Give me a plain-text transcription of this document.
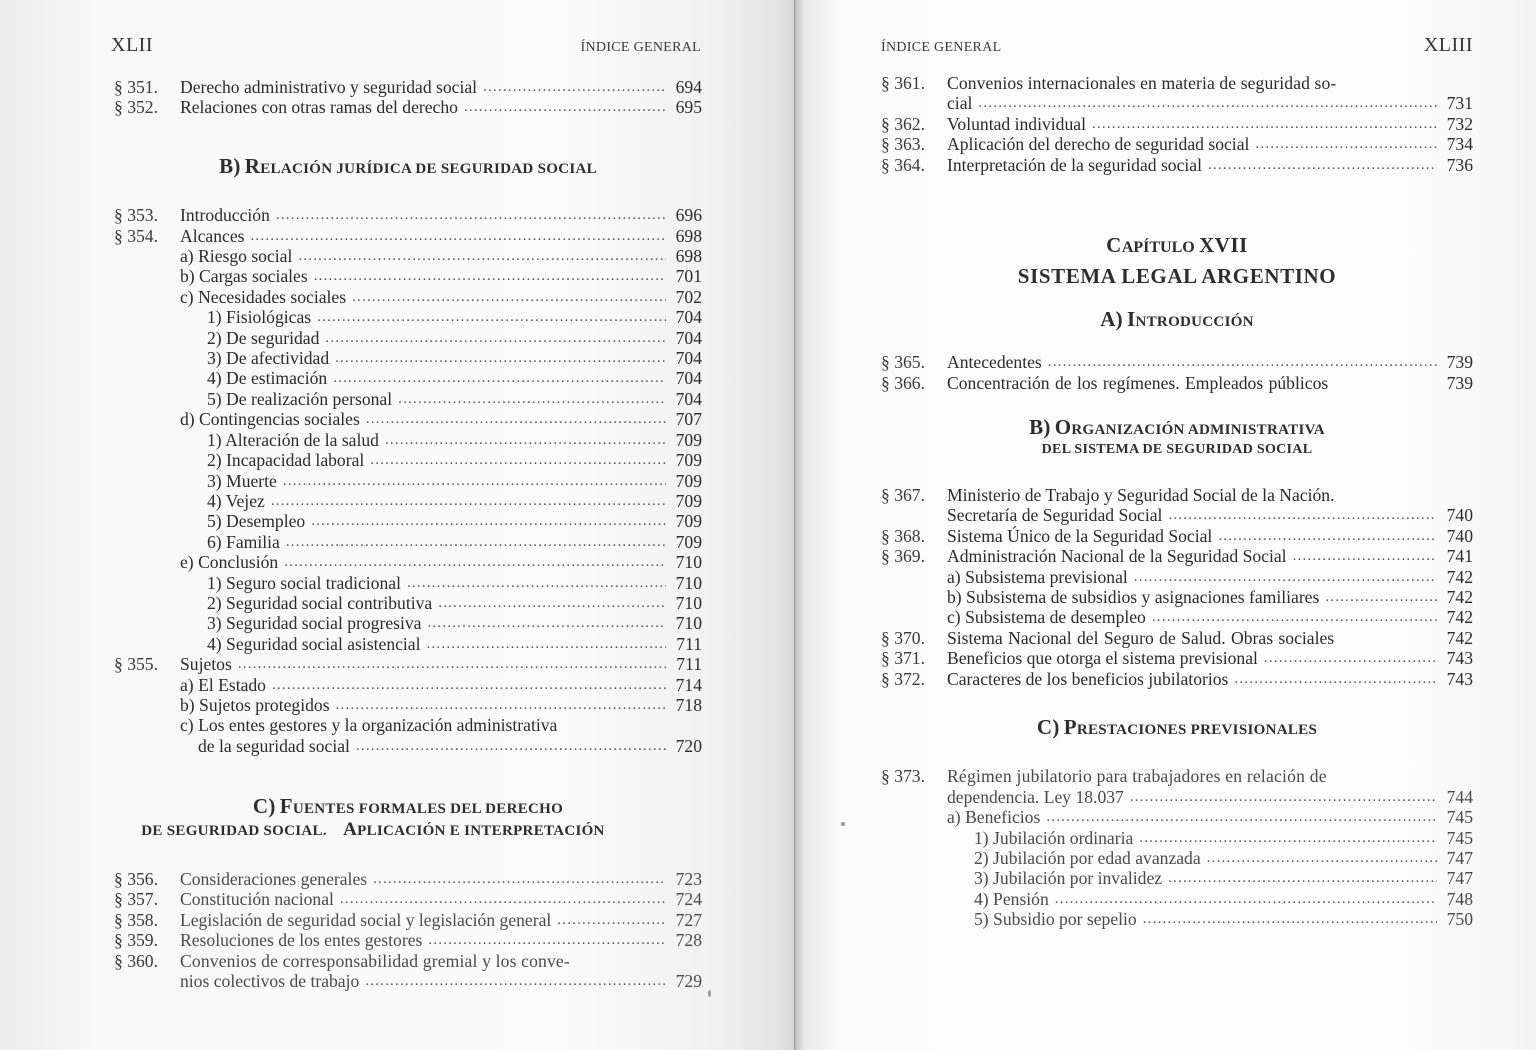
XLII	ÍNDICE GENERAL
§ 351.	Derecho administrativo y seguridad social .....	694
§ 352.	Relaciones con otras ramas del derecho .....	695
B) RELACIÓN JURÍDICA DE SEGURIDAD SOCIAL
§ 353.	Introducción .....	696
§ 354.	Alcances .....	698
a) Riesgo social .....	698
b) Cargas sociales .....	701
c) Necesidades sociales .....	702
1) Fisiológicas .....	704
2) De seguridad .....	704
3) De afectividad .....	704
4) De estimación .....	704
5) De realización personal .....	704
d) Contingencias sociales .....	707
1) Alteración de la salud .....	709
2) Incapacidad laboral .....	709
3) Muerte .....	709
4) Vejez .....	709
5) Desempleo .....	709
6) Familia .....	709
e) Conclusión .....	710
1) Seguro social tradicional .....	710
2) Seguridad social contributiva .....	710
3) Seguridad social progresiva .....	710
4) Seguridad social asistencial .....	711
§ 355.	Sujetos .....	711
a) El Estado .....	714
b) Sujetos protegidos .....	718
c) Los entes gestores y la organización administrativa
de la seguridad social .....	720
C) FUENTES FORMALES DEL DERECHO
DE SEGURIDAD SOCIAL. APLICACIÓN E INTERPRETACIÓN
§ 356.	Consideraciones generales .....	723
§ 357.	Constitución nacional .....	724
§ 358.	Legislación de seguridad social y legislación general .....	727
§ 359.	Resoluciones de los entes gestores .....	728
§ 360.	Convenios de corresponsabilidad gremial y los conve-
nios colectivos de trabajo .....	729
ÍNDICE GENERAL	XLIII
§ 361.	Convenios internacionales en materia de seguridad so-
cial .....	731
§ 362.	Voluntad individual .....	732
§ 363.	Aplicación del derecho de seguridad social .....	734
§ 364.	Interpretación de la seguridad social .....	736
CAPÍTULO XVII
SISTEMA LEGAL ARGENTINO
A) INTRODUCCIÓN
§ 365.	Antecedentes .....	739
§ 366.	Concentración de los regímenes. Empleados públicos	739
B) ORGANIZACIÓN ADMINISTRATIVA
DEL SISTEMA DE SEGURIDAD SOCIAL
§ 367.	Ministerio de Trabajo y Seguridad Social de la Nación.
Secretaría de Seguridad Social .....	740
§ 368.	Sistema Único de la Seguridad Social .....	740
§ 369.	Administración Nacional de la Seguridad Social .....	741
a) Subsistema previsional .....	742
b) Subsistema de subsidios y asignaciones familiares .....	742
c) Subsistema de desempleo .....	742
§ 370.	Sistema Nacional del Seguro de Salud. Obras sociales	742
§ 371.	Beneficios que otorga el sistema previsional .....	743
§ 372.	Caracteres de los beneficios jubilatorios .....	743
C) PRESTACIONES PREVISIONALES
§ 373.	Régimen jubilatorio para trabajadores en relación de
dependencia. Ley 18.037 .....	744
a) Beneficios .....	745
1) Jubilación ordinaria .....	745
2) Jubilación por edad avanzada .....	747
3) Jubilación por invalidez .....	747
4) Pensión .....	748
5) Subsidio por sepelio .....	750
